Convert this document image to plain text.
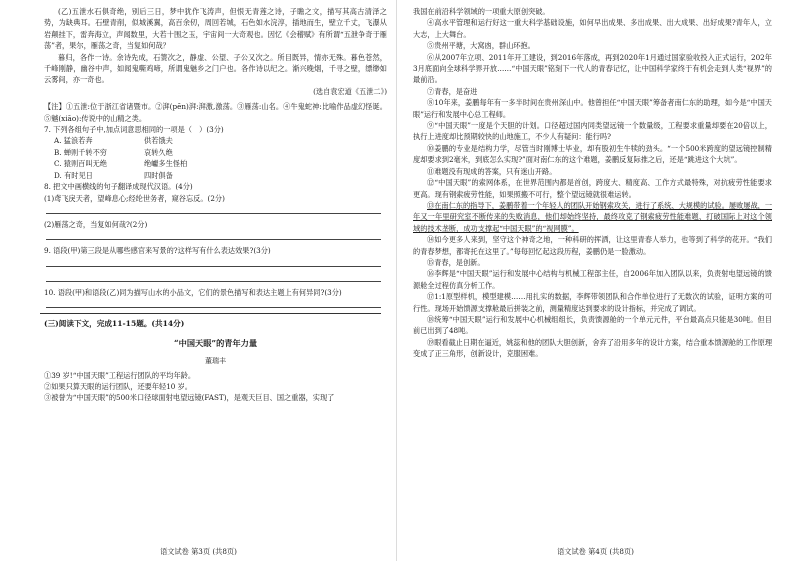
(乙)五泄水石俱奇绝，别后三日，梦中犹作飞涛声，但恨无青莲之诗，子瞻之文，描写其高古清泽之势，为缺典耳。石壁青削，似城溪翼，高百余仞，周回若城，石色如水浣淳，插地而生，壁立千丈，飞瀑从岩颠挂下，雷奔海立，声闻数里，大若十围之玉，宇宙间一大奇观也。因忆《会稽赋》有所谓“五泄争奇于雁荡”者，果尔，雁荡之奇，当复如何哉？

暮归，各作一诗。余诗先成，石箦次之，静虚、公望、子公又次之。所目既异，情亦无殊。暮色苍然，千峰刚静，幽谷中声，如闻鬼嘶鸡啼，所谓鬼魅乡之门户也。各作诗以纪之。渐兴晚烟，千寻之壁，缥缈如云雾间，亦一奇也。

(选自袁宏道《五泄二》)

【注】①五泄:位于浙江省诸暨市。②湃(pēn)湃:湃激,激荡。③雁荡:山名。④牛鬼蛇神:比喻作品虚幻怪诞。⑤魆(xiāo):传说中的山精之类。

7. 下列各组句子中,加点词意思相同的一项是（　）(3分)

A. 猛浪若奔	供若饿夫
B. 蝉则千转不穷	哀转久绝
C. 猿则百叫无绝	绝巘多生怪柏
D. 有时见日	四时俱备

8. 把文中画横线的句子翻译成现代汉语。(4分)

(1)鸢飞戾天者，望峰息心;经纶世务者，窥谷忘反。(2分)

(2)雁荡之奇，当复如何哉?(2分)

9. 语段(甲)第三段是从哪些感官来写景的?这样写有什么表达效果?(3分)

10. 语段(甲)和语段(乙)同为描写山水的小品文，它们的景色描写和表达主题上有何异同?(3分)

(三)阅读下文，完成11-15题。(共14分)

“中国天眼”的青年力量

董瑞丰

①39 岁!“中国天眼”工程运行团队的平均年龄。

②如果只算天眼的运行团队，还要年轻10 岁。

③被誉为“中国天眼”的500米口径球面射电望远镜(FAST)，是观天巨目、国之重器，实现了

语文试卷 第3页 (共8页)

我国在前沿科学领域的一项重大原创突破。

④高水平管理和运行好这一重大科学基础设施，如何早出成果、多出成果、出大成果、出好成果?青年人，立大志，上大舞台。

⑤贵州平塘，大窝凼，群山环抱。

⑥从2007年立项、2011年开工建设，到2016年落成，再到2020年1月通过国家验收投入正式运行，202年3月底面向全球科学界开放……“中国天眼”铭刻下一代人的青春记忆，让中国科学家终于有机会走到人类“视界”的最前沿。

⑦青春，是奋进

⑧10年来，姜鹏每年有一多半时间在贵州深山中。他曾担任“中国天眼”筹备者南仁东的助理，如今是“中国天眼”运行和发展中心总工程师。

⑨“中国天眼”一度是个天胆的计划。口径超过国内同类望远镜一个数量级，工程要求重量却要在20倍以上，执行上进度却比预期较快的山地施工，不少人有疑问：能行吗?

⑩姜鹏的专业是结构力学，尽管当时刚博士毕业，却有股初生牛犊的劲头。“一个500米跨度的望远镜控制精度却要求到2毫米，到底怎么实现?”面对南仁东的这个难题，姜鹏反复际推之后，还是“跳进这个大坑”。

⑪难题没有现成的答案，只有迷山开路。

⑫“中国天眼”的索网体系，在世界范围内都是首创，跨度大、精度高、工作方式最特殊，对抗疲劳性能要求更高。现有钢索疲劳性能，如果照搬不可行，整个望远镜就很难运转。

⑬在南仁东的指导下，姜鹏带着一个年轻人的团队开始钢索攻关，进行了系统、大规模的试验。屡败屡战，一年又一年里研究室不断传来的失败消息，他们却始终坚持，最终攻克了钢索疲劳性能难题、打破国际上对这个领域的技术垄断，成功支撑起“中国天眼”的“视网膜”。

⑭如今更多人来到，坚守这个神奇之地，一种科研的挥洒，让这里青春人举力，也等到了科学的花开。“我们的青春梦想，都寄托在这里了。”每每回忆起这段历程，姜鹏仍是一脸激动。

⑮青春，是创新。

⑯李辉是“中国天眼”运行和发展中心结构与机械工程部主任，自2006年加入团队以来，负责射电望远镜的馈源舱全过程仿真分析工作。

⑰1:1原型样机，模型建模……用扎实的数据，李辉带领团队和合作单位进行了无数次的试验，证明方案的可行性。现场开始馈源支撑舱最后拼装之前，测量精度达到要求的设计指标，并完成了调试。

⑱统筹“中国天眼”运行和发展中心机械组组长，负责馈源舱的一个单元元件，平台最高点只能是30吨。但目前已出到了48吨。

⑲眼看截止日期在逼近，姚蕊和他的团队大胆创新，舍弃了沿用多年的设计方案，结合重本馈源舱的工作原理变成了正三角形，创新设计，克服困难。

语文试卷 第4页 (共8页)
